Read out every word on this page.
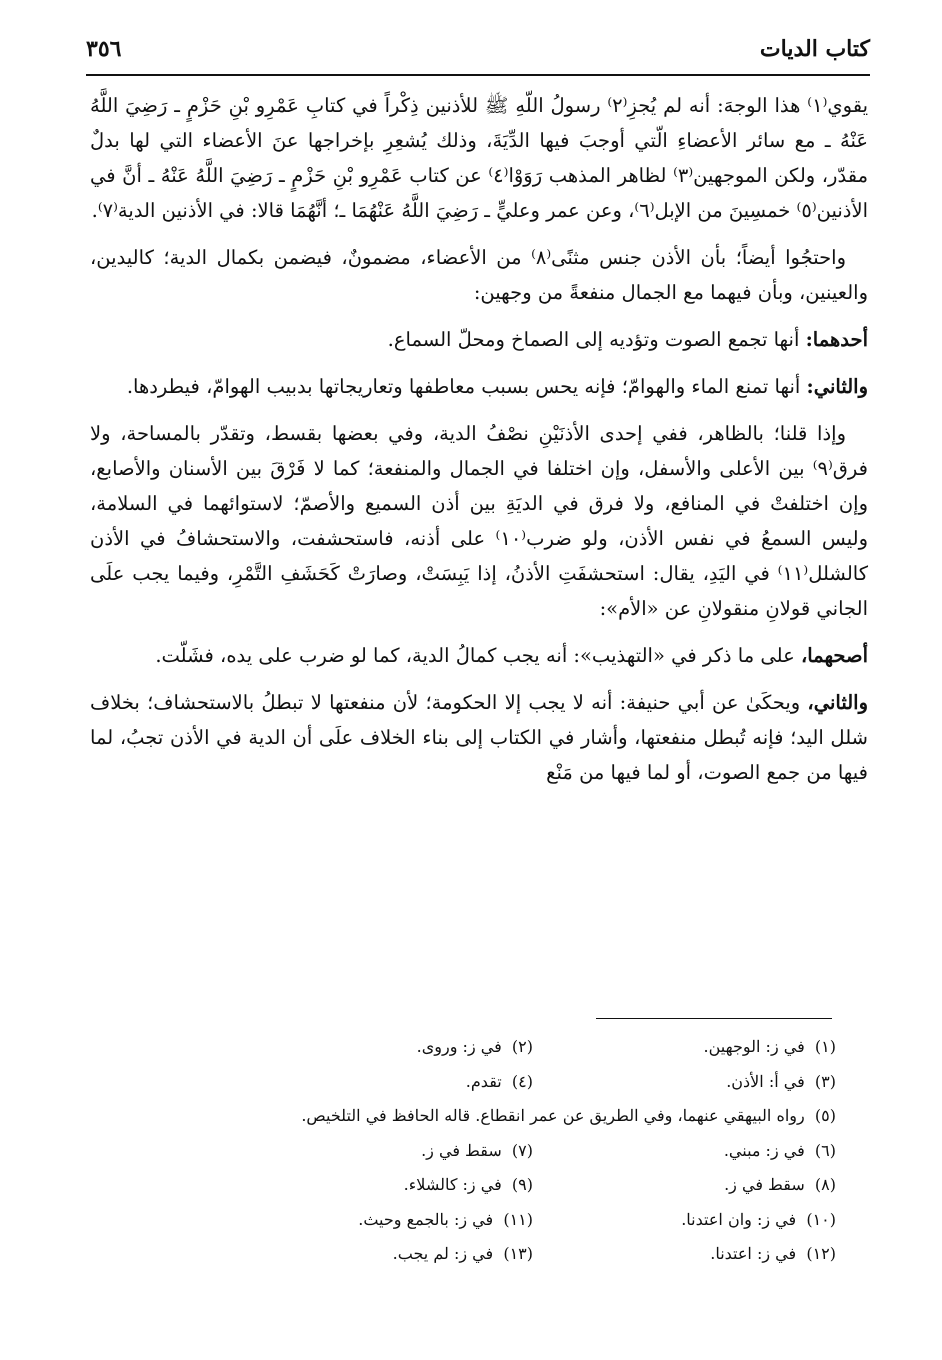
كتاب الديات
٣٥٦

يقوي⁽١⁾ هذا الوجهَ: أنه لم يُجزِ⁽٢⁾ رسولُ اللّهِ ﷺ للأذنين ذِكْراً في كتابِ عَمْرِو بْنِ حَزْمٍ ـ رَضِيَ اللَّهُ عَنْهُ ـ مع سائر الأعضاءِ الّتي أوجبَ فيها الدِّيَةَ، وذلك يُشعِرِ بإخراجها عنَ الأعضاء التي لها بدلٌ مقدّر، ولكن الموجهين⁽٣⁾ لظاهر المذهب رَوَوْا⁽٤⁾ عن كتاب عَمْرِو بْنِ حَزْمٍ ـ رَضِيَ اللَّهُ عَنْهُ ـ أنَّ في الأذنين⁽٥⁾ خمسِينَ من الإبل⁽٦⁾، وعن عمر وعليٍّ ـ رَضِيَ اللَّهُ عَنْهُمَا ـ؛ أنَّهُمَا قالا: في الأذنين الدية⁽٧⁾.

واحتجُوا أيضاً؛ بأن الأذن جنس مثنًى⁽٨⁾ من الأعضاء، مضمونٌ، فيضمن بكمال الدية؛ كاليدين، والعينين، وبأن فيهما مع الجمال منفعةً من وجهين:

أحدهما: أنها تجمع الصوت وتؤديه إلى الصماخ ومحلّ السماع.

والثاني: أنها تمنع الماء والهوامّ؛ فإنه يحس بسبب معاطفها وتعاريجاتها بدبيب الهوامّ، فيطردها.

وإذا قلنا؛ بالظاهر، ففي إحدى الأذنَيْنِ نصْفُ الدية، وفي بعضها بقسط، وتقدّر بالمساحة، ولا فرق⁽٩⁾ بين الأعلى والأسفل، وإن اختلفا في الجمال والمنفعة؛ كما لا فَرْقَ بين الأسنان والأصابع، وإن اختلفتْ في المنافع، ولا فرق في الديَةِ بين أذن السميع والأصمّ؛ لاستوائهما في السلامة، وليس السمعُ في نفس الأذن، ولو ضرب⁽١٠⁾ على أذنه، فاستحشفت، والاستحشافُ في الأذن كالشلل⁽١١⁾ في اليَدِ، يقال: استحشفَتِ الأذنُ، إذا يَبِسَتْ، وصارَتْ كَحَشَفِ التَّمْرِ، وفيما يجب علَى الجاني قولانِ منقولانِ عن «الأم»:

أصحهما، على ما ذكر في «التهذيب»: أنه يجب كمالُ الدية، كما لو ضرب على يده، فشَلّت.

والثاني، ويحكَىٰ عن أبي حنيفة: أنه لا يجب إلا الحكومة؛ لأن منفعتها لا تبطلُ بالاستحشاف؛ بخلاف شلل اليد؛ فإنه تُبطل منفعتها، وأشار في الكتاب إلى بناء الخلاف علَى أن الدية في الأذن تجبُ، لما فيها من جمع الصوت، أو لما فيها من مَنْع

(١)  في ز: الوجهين.
(٢)  في ز: وروى.
(٣)  في أ: الأذن.
(٤)  تقدم.
(٥)  رواه البيهقي عنهما، وفي الطريق عن عمر انقطاع. قاله الحافظ في التلخيص.
(٦)  في ز: مبني.
(٧)  سقط في ز.
(٨)  سقط في ز.
(٩)  في ز: كالشلاء.
(١٠)  في ز: وان اعتدنا.
(١١)  في ز: بالجمع وحيث.
(١٢)  في ز: اعتدنا.
(١٣)  في ز: لم يجب.
